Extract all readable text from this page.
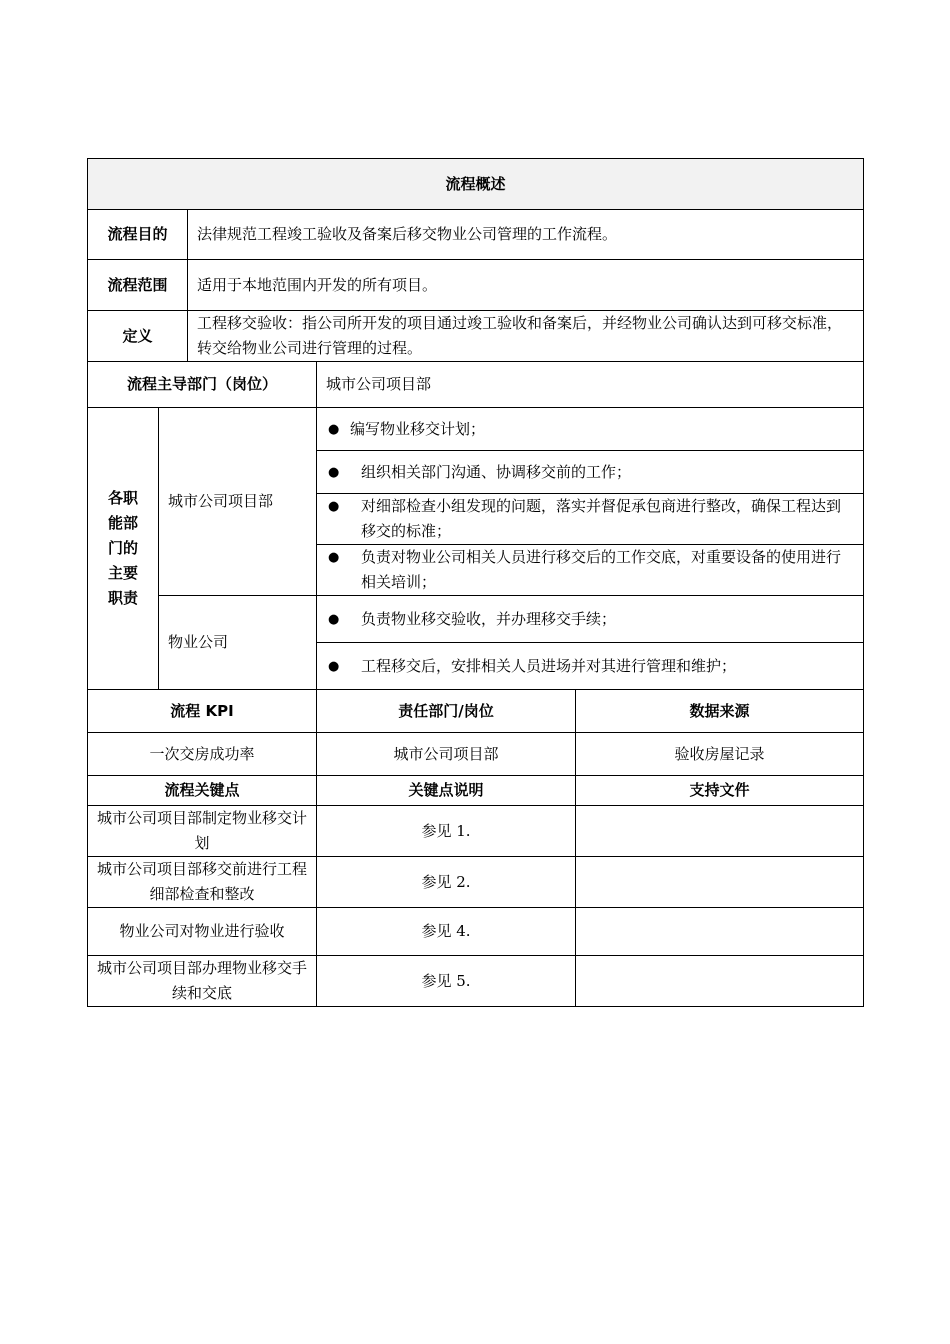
流程概述				
流程目的		法律规范工程竣工验收及备案后移交物业公司管理的工作流程。		
流程范围		适用于本地范围内开发的所有项目。		
定义		工程移交验收：指公司所开发的项目通过竣工验收和备案后，并经物业公司确认达到可移交标准，转交给物业公司进行管理的过程。		
流程主导部门（岗位）			城市公司项目部	

各职
能部
门的
主要
职责	城市公司项目部		● 编写物业移交计划；	

			● 组织相关部门沟通、协调移交前的工作；	

			● 对细部检查小组发现的问题，落实并督促承包商进行整改，确保工程达到移交的标准；	

			● 负责对物业公司相关人员进行移交后的工作交底，对重要设备的使用进行相关培训；	

	物业公司		● 负责物业移交验收，并办理移交手续；	

			● 工程移交后，安排相关人员进场并对其进行管理和维护；	

流程 KPI			责任部门/岗位	数据来源
一次交房成功率			城市公司项目部	验收房屋记录
流程关键点			关键点说明	支持文件
城市公司项目部制定物业移交计划			参见 1.	
城市公司项目部移交前进行工程细部检查和整改			参见 2.	
物业公司对物业进行验收			参见 4.	
城市公司项目部办理物业移交手续和交底			参见 5.	
